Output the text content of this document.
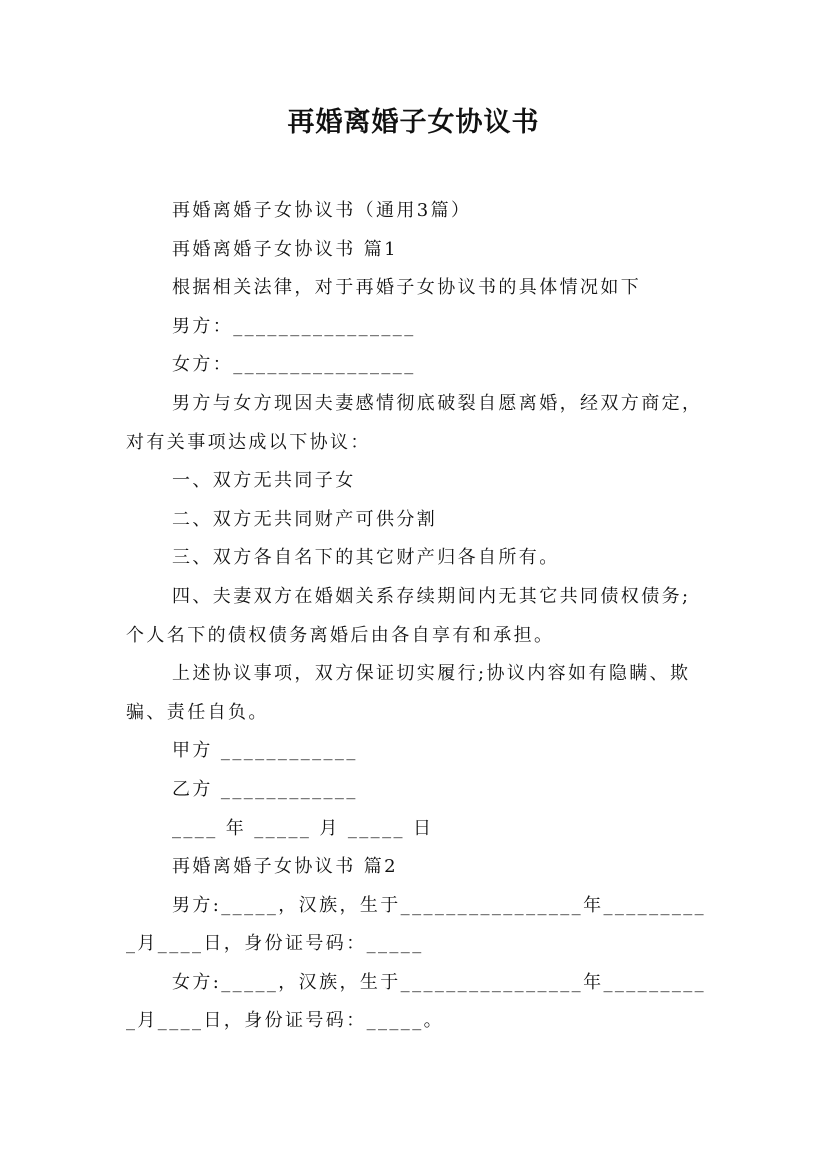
再婚离婚子女协议书

再婚离婚子女协议书（通用3篇）

再婚离婚子女协议书 篇1

根据相关法律，对于再婚子女协议书的具体情况如下

男方：________________

女方：________________

男方与女方现因夫妻感情彻底破裂自愿离婚，经双方商定，对有关事项达成以下协议：

一、双方无共同子女

二、双方无共同财产可供分割

三、双方各自名下的其它财产归各自所有。

四、夫妻双方在婚姻关系存续期间内无其它共同债权债务;个人名下的债权债务离婚后由各自享有和承担。

上述协议事项，双方保证切实履行;协议内容如有隐瞒、欺骗、责任自负。

甲方 ____________

乙方 ____________

____ 年 _____ 月 _____ 日

再婚离婚子女协议书 篇2

男方:_____，汉族，生于________________年__________月____日，身份证号码：_____

女方:_____，汉族，生于________________年__________月____日，身份证号码：_____。
